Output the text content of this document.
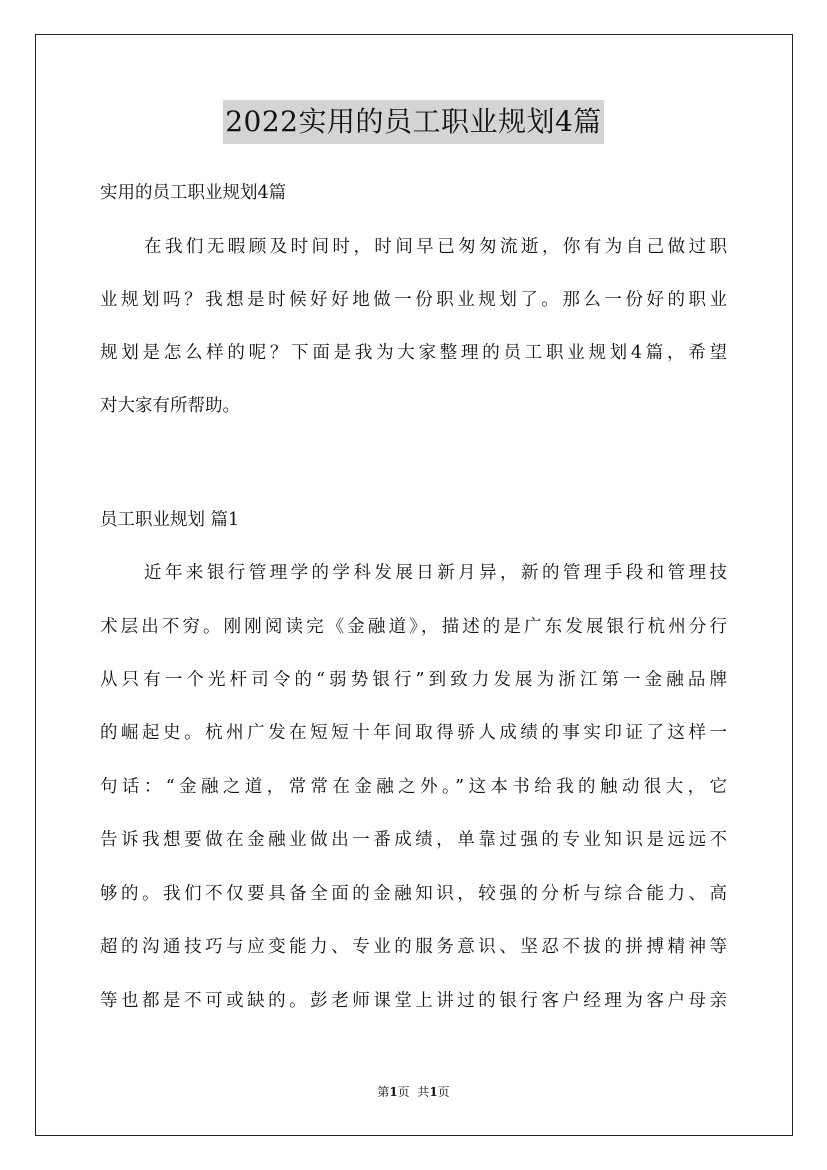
2022实用的员工职业规划4篇
实用的员工职业规划4篇
在我们无暇顾及时间时，时间早已匆匆流逝，你有为自己做过职
业规划吗？我想是时候好好地做一份职业规划了。那么一份好的职业
规划是怎么样的呢？下面是我为大家整理的员工职业规划4篇，希望
对大家有所帮助。
员工职业规划 篇1
近年来银行管理学的学科发展日新月异，新的管理手段和管理技
术层出不穷。刚刚阅读完《金融道》，描述的是广东发展银行杭州分行
从只有一个光杆司令的“弱势银行”到致力发展为浙江第一金融品牌
的崛起史。杭州广发在短短十年间取得骄人成绩的事实印证了这样一
句话：“金融之道，常常在金融之外。”这本书给我的触动很大，它
告诉我想要做在金融业做出一番成绩，单靠过强的专业知识是远远不
够的。我们不仅要具备全面的金融知识，较强的分析与综合能力、高
超的沟通技巧与应变能力、专业的服务意识、坚忍不拔的拼搏精神等
等也都是不可或缺的。彭老师课堂上讲过的银行客户经理为客户母亲
第1页  共1页
